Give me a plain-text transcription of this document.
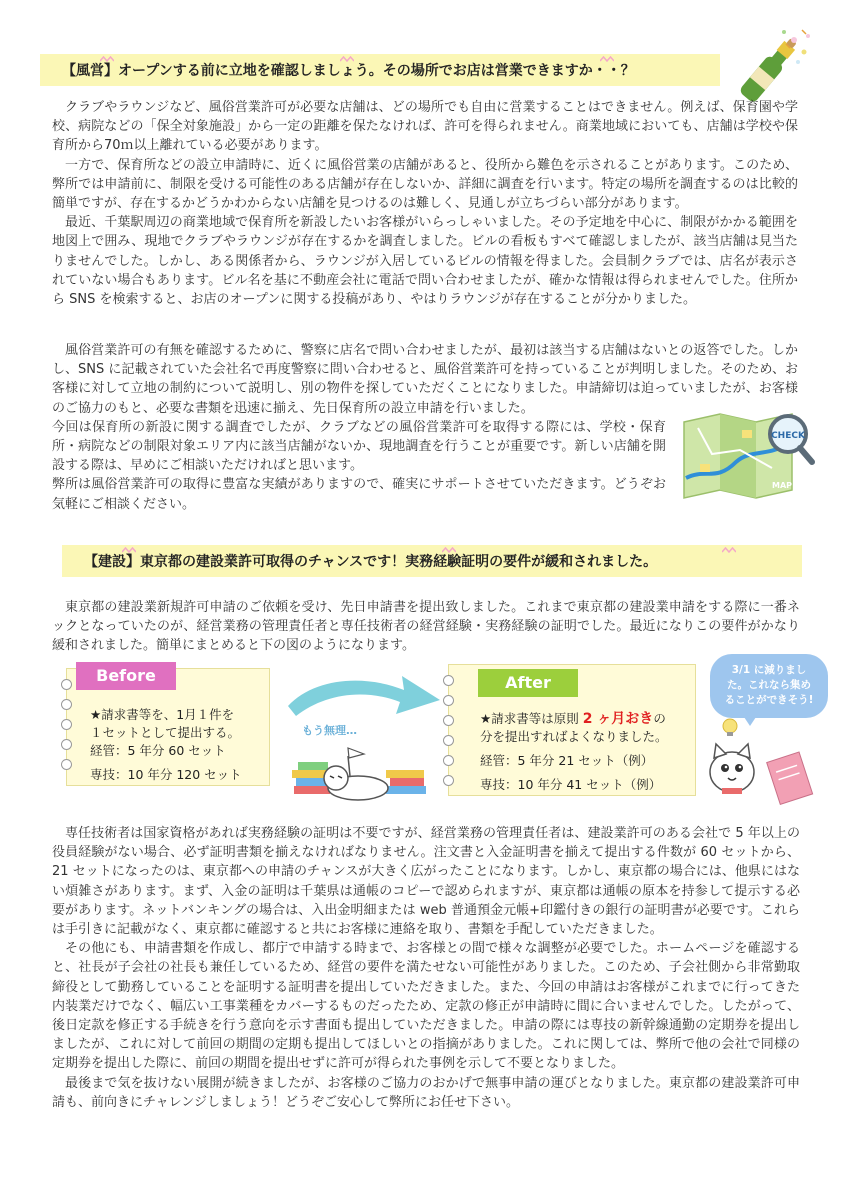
【風営】オープンする前に立地を確認しましょう。その場所でお店は営業できますか・・？

クラブやラウンジなど、風俗営業許可が必要な店舗は、どの場所でも自由に営業することはできません。例えば、保育園や学校、病院などの「保全対象施設」から一定の距離を保たなければ、許可を得られません。商業地域においても、店舗は学校や保育所から70ｍ以上離れている必要があります。

一方で、保育所などの設立申請時に、近くに風俗営業の店舗があると、役所から難色を示されることがあります。このため、弊所では申請前に、制限を受ける可能性のある店舗が存在しないか、詳細に調査を行います。特定の場所を調査するのは比較的簡単ですが、存在するかどうかわからない店舗を見つけるのは難しく、見通しが立ちづらい部分があります。

最近、千葉駅周辺の商業地域で保育所を新設したいお客様がいらっしゃいました。その予定地を中心に、制限がかかる範囲を地図上で囲み、現地でクラブやラウンジが存在するかを調査しました。ビルの看板もすべて確認しましたが、該当店舗は見当たりませんでした。しかし、ある関係者から、ラウンジが入居しているビルの情報を得ました。会員制クラブでは、店名が表示されていない場合もあります。ビル名を基に不動産会社に電話で問い合わせましたが、確かな情報は得られませんでした。住所から SNS を検索すると、お店のオープンに関する投稿があり、やはりラウンジが存在することが分かりました。

風俗営業許可の有無を確認するために、警察に店名で問い合わせましたが、最初は該当する店舗はないとの返答でした。しかし、SNS に記載されていた会社名で再度警察に問い合わせると、風俗営業許可を持っていることが判明しました。そのため、お客様に対して立地の制約について説明し、別の物件を探していただくことになりました。申請締切は迫っていましたが、お客様のご協力のもと、必要な書類を迅速に揃え、先日保育所の設立申請を行いました。

今回は保育所の新設に関する調査でしたが、クラブなどの風俗営業許可を取得する際には、学校・保育所・病院などの制限対象エリア内に該当店舗がないか、現地調査を行うことが重要です。新しい店舗を開設する際は、早めにご相談いただければと思います。

弊所は風俗営業許可の取得に豊富な実績がありますので、確実にサポートさせていただきます。どうぞお気軽にご相談ください。

CHECK
MAP
【建設】東京都の建設業許可取得のチャンスです！実務経験証明の要件が緩和されました。

東京都の建設業新規許可申請のご依頼を受け、先日申請書を提出致しました。これまで東京都の建設業申請をする際に一番ネックとなっていたのが、経営業務の管理責任者と専任技術者の経営経験・実務経験の証明でした。最近になりこの要件がかなり緩和されました。簡単にまとめると下の図のようになります。

Before
★請求書等を、1月１件を
１セットとして提出する。
経管：5 年分 60 セット
専技：10 年分 120 セット
もう無理…
After
★請求書等は原則 2 ヶ月おきの
分を提出すればよくなりました。
経管：5 年分 21 セット（例）
専技：10 年分 41 セット（例）
3/1 に減りまし
た。これなら集め
ることができそう!

専任技術者は国家資格があれば実務経験の証明は不要ですが、経営業務の管理責任者は、建設業許可のある会社で 5 年以上の役員経験がない場合、必ず証明書類を揃えなければなりません。注文書と入金証明書を揃えて提出する件数が 60 セットから、21 セットになったのは、東京都への申請のチャンスが大きく広がったことになります。しかし、東京都の場合には、他県にはない煩雑さがあります。まず、入金の証明は千葉県は通帳のコピーで認められますが、東京都は通帳の原本を持参して提示する必要があります。ネットバンキングの場合は、入出金明細または web 普通預金元帳+印鑑付きの銀行の証明書が必要です。これらは手引きに記載がなく、東京都に確認すると共にお客様に連絡を取り、書類を手配していただきました。

その他にも、申請書類を作成し、都庁で申請する時まで、お客様との間で様々な調整が必要でした。ホームページを確認すると、社長が子会社の社長も兼任しているため、経営の要件を満たせない可能性がありました。このため、子会社側から非常勤取締役として勤務していることを証明する証明書を提出していただきました。また、今回の申請はお客様がこれまでに行ってきた内装業だけでなく、幅広い工事業種をカバーするものだったため、定款の修正が申請時に間に合いませんでした。したがって、後日定款を修正する手続きを行う意向を示す書面も提出していただきました。申請の際には専技の新幹線通勤の定期券を提出しましたが、これに対して前回の期間の定期も提出してほしいとの指摘がありました。これに関しては、弊所で他の会社で同様の定期券を提出した際に、前回の期間を提出せずに許可が得られた事例を示して不要となりました。

最後まで気を抜けない展開が続きましたが、お客様のご協力のおかげで無事申請の運びとなりました。東京都の建設業許可申請も、前向きにチャレンジしましょう！どうぞご安心して弊所にお任せ下さい。
